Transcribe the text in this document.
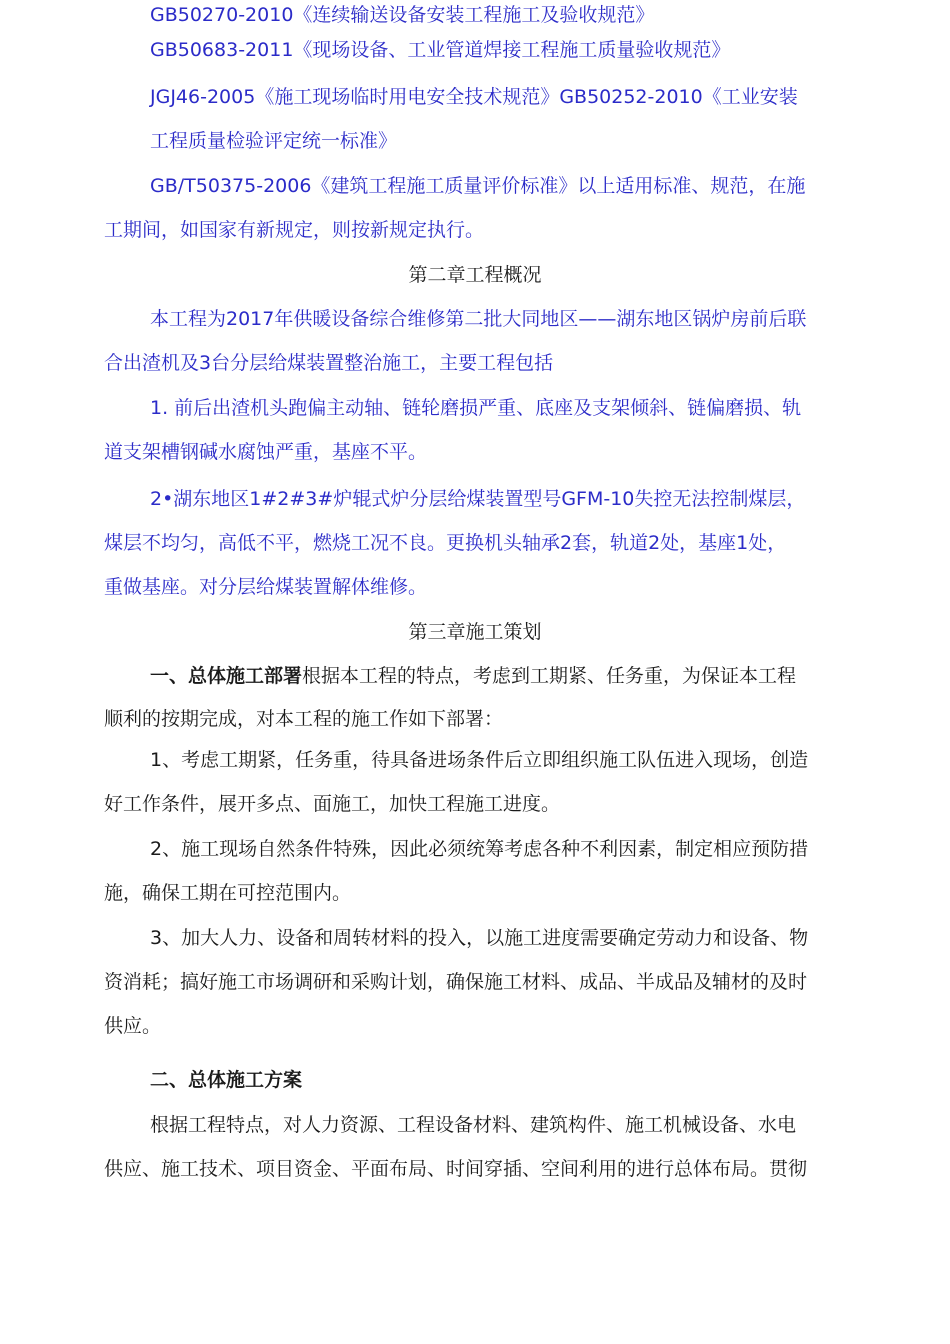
GB50270-2010《连续输送设备安装工程施工及验收规范》
GB50683-2011《现场设备、工业管道焊接工程施工质量验收规范》
JGJ46-2005《施工现场临时用电安全技术规范》GB50252-2010《工业安装
工程质量检验评定统一标准》
GB/T50375-2006《建筑工程施工质量评价标准》以上适用标准、规范，在施
工期间，如国家有新规定，则按新规定执行。
第二章工程概况
本工程为2017年供暖设备综合维修第二批大同地区——湖东地区锅炉房前后联
合出渣机及3台分层给煤装置整治施工，主要工程包括
1. 前后出渣机头跑偏主动轴、链轮磨损严重、底座及支架倾斜、链偏磨损、轨
道支架槽钢碱水腐蚀严重，基座不平。
2•湖东地区1#2#3#炉辊式炉分层给煤装置型号GFM-10失控无法控制煤层，
煤层不均匀，高低不平，燃烧工况不良。更换机头轴承2套，轨道2处，基座1处，
重做基座。对分层给煤装置解体维修。
第三章施工策划
一、总体施工部署根据本工程的特点，考虑到工期紧、任务重，为保证本工程
顺利的按期完成，对本工程的施工作如下部署：
1、考虑工期紧，任务重，待具备进场条件后立即组织施工队伍进入现场，创造
好工作条件，展开多点、面施工，加快工程施工进度。
2、施工现场自然条件特殊，因此必须统筹考虑各种不利因素，制定相应预防措
施，确保工期在可控范围内。
3、加大人力、设备和周转材料的投入，以施工进度需要确定劳动力和设备、物
资消耗；搞好施工市场调研和采购计划，确保施工材料、成品、半成品及辅材的及时
供应。
二、总体施工方案
根据工程特点，对人力资源、工程设备材料、建筑构件、施工机械设备、水电
供应、施工技术、项目资金、平面布局、时间穿插、空间利用的进行总体布局。贯彻
